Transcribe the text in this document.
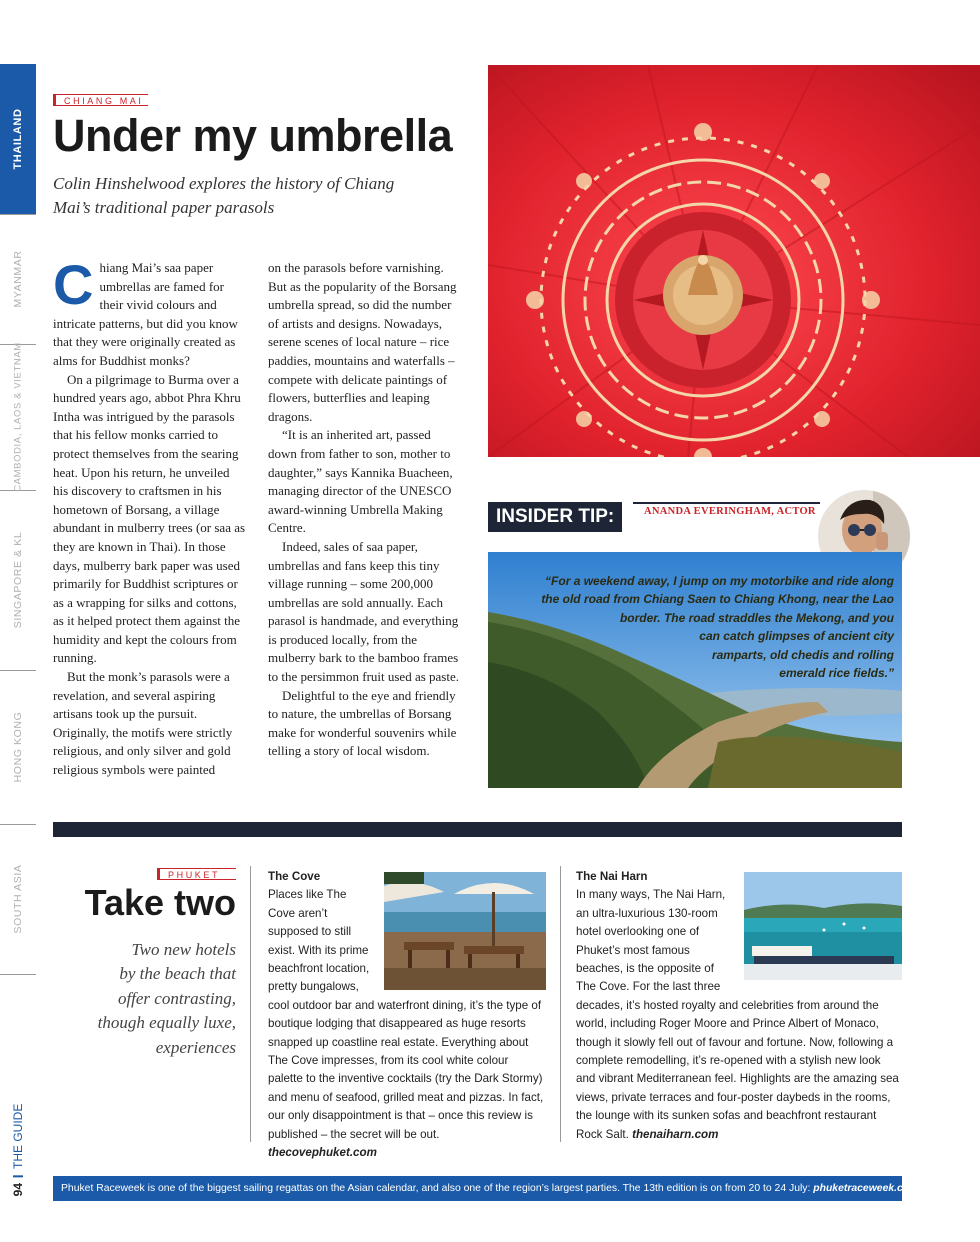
THAILAND
MYANMAR
CAMBODIA, LAOS & VIETNAM
SINGAPORE & KL
HONG KONG
SOUTH ASIA
94THE GUIDE
CHIANG MAI
Under my umbrella
Colin Hinshelwood explores the history of Chiang
Mai’s traditional paper parasols
C hiang Mai’s saa paper umbrellas are famed for their vivid colours and intricate patterns, but did you know that they were originally created as alms for Buddhist monks?

On a pilgrimage to Burma over a hundred years ago, abbot Phra Khru Intha was intrigued by the parasols that his fellow monks carried to protect themselves from the searing heat. Upon his return, he unveiled his discovery to craftsmen in his hometown of Borsang, a village abundant in mulberry trees (or saa as they are known in Thai). In those days, mulberry bark paper was used primarily for Buddhist scriptures or as a wrapping for silks and cottons, as it helped protect them against the humidity and kept the colours from running.

But the monk’s parasols were a revelation, and several aspiring artisans took up the pursuit. Originally, the motifs were strictly religious, and only silver and gold religious symbols were painted

on the parasols before varnishing. But as the popularity of the Borsang umbrella spread, so did the number of artists and designs. Nowadays, serene scenes of local nature – rice paddies, mountains and waterfalls – compete with delicate paintings of flowers, butterflies and leaping dragons.

“It is an inherited art, passed down from father to son, mother to daughter,” says Kannika Buacheen, managing director of the UNESCO award-winning Umbrella Making Centre.

Indeed, sales of saa paper, umbrellas and fans keep this tiny village running – some 200,000 umbrellas are sold annually. Each parasol is handmade, and everything is produced locally, from the mulberry bark to the bamboo frames to the persimmon fruit used as paste.

Delightful to the eye and friendly to nature, the umbrellas of Borsang make for wonderful souvenirs while telling a story of local wisdom.

INSIDER TIP:	ANANDA EVERINGHAM, ACTOR
“For a weekend away, I jump on my motorbike and ride along
the old road from Chiang Saen to Chiang Khong, near the Lao
border. The road straddles the Mekong, and you
can catch glimpses of ancient city
ramparts, old chedis and rolling
emerald rice fields.”
PHUKET
Take two
Two new hotels
by the beach that
offer contrasting,
though equally luxe,
experiences
The Cove

Places like The Cove aren’t supposed to still exist. With its prime beachfront location, pretty bungalows, cool outdoor bar and waterfront dining, it’s the type of boutique lodging that disappeared as huge resorts snapped up coastline real estate. Everything about The Cove impresses, from its cool white colour palette to the inventive cocktails (try the Dark Stormy) and menu of seafood, grilled meat and pizzas. In fact, our only disappointment is that – once this review is published – the secret will be out. thecovephuket.com

The Nai Harn

In many ways, The Nai Harn, an ultra-luxurious 130-room hotel overlooking one of Phuket’s most famous beaches, is the opposite of The Cove. For the last three decades, it’s hosted royalty and celebrities from around the world, including Roger Moore and Prince Albert of Monaco, though it slowly fell out of favour and fortune. Now, following a complete remodelling, it’s re-opened with a stylish new look and vibrant Mediterranean feel. Highlights are the amazing sea views, private terraces and four-poster daybeds in the rooms, the lounge with its sunken sofas and beachfront restaurant Rock Salt. thenaiharn.com

Phuket Raceweek is one of the biggest sailing regattas on the Asian calendar, and also one of the region’s largest parties. The 13th edition is on from 20 to 24 July: phuketraceweek.com
